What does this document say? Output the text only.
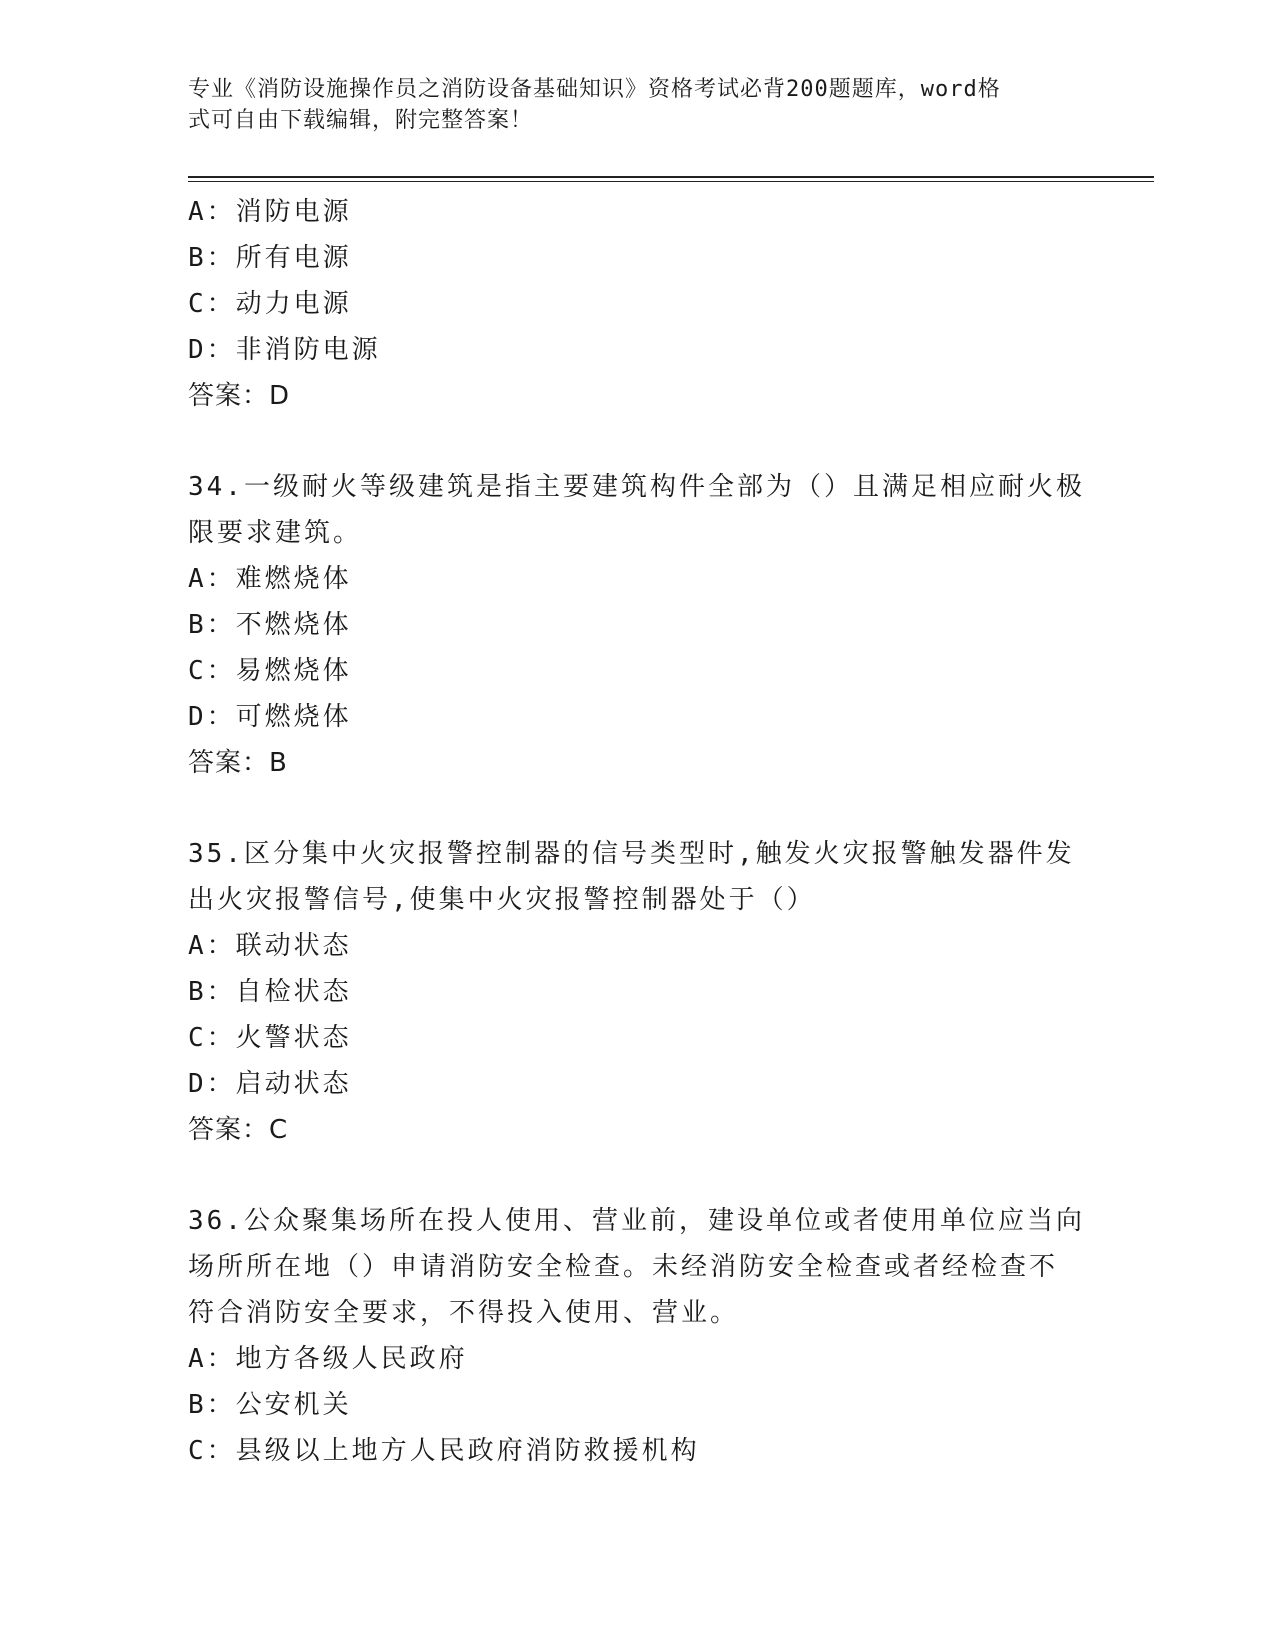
专业《消防设施操作员之消防设备基础知识》资格考试必背200题题库，word格
式可自由下载编辑，附完整答案！
A：消防电源
B：所有电源
C：动力电源
D：非消防电源
答案：D
34.一级耐火等级建筑是指主要建筑构件全部为（）且满足相应耐火极
限要求建筑。
A：难燃烧体
B：不燃烧体
C：易燃烧体
D：可燃烧体
答案：B
35.区分集中火灾报警控制器的信号类型时,触发火灾报警触发器件发
出火灾报警信号,使集中火灾报警控制器处于（）
A：联动状态
B：自检状态
C：火警状态
D：启动状态
答案：C
36.公众聚集场所在投人使用、营业前，建设单位或者使用单位应当向
场所所在地（）申请消防安全检查。未经消防安全检查或者经检查不
符合消防安全要求，不得投入使用、营业。
A：地方各级人民政府
B：公安机关
C：县级以上地方人民政府消防救援机构
